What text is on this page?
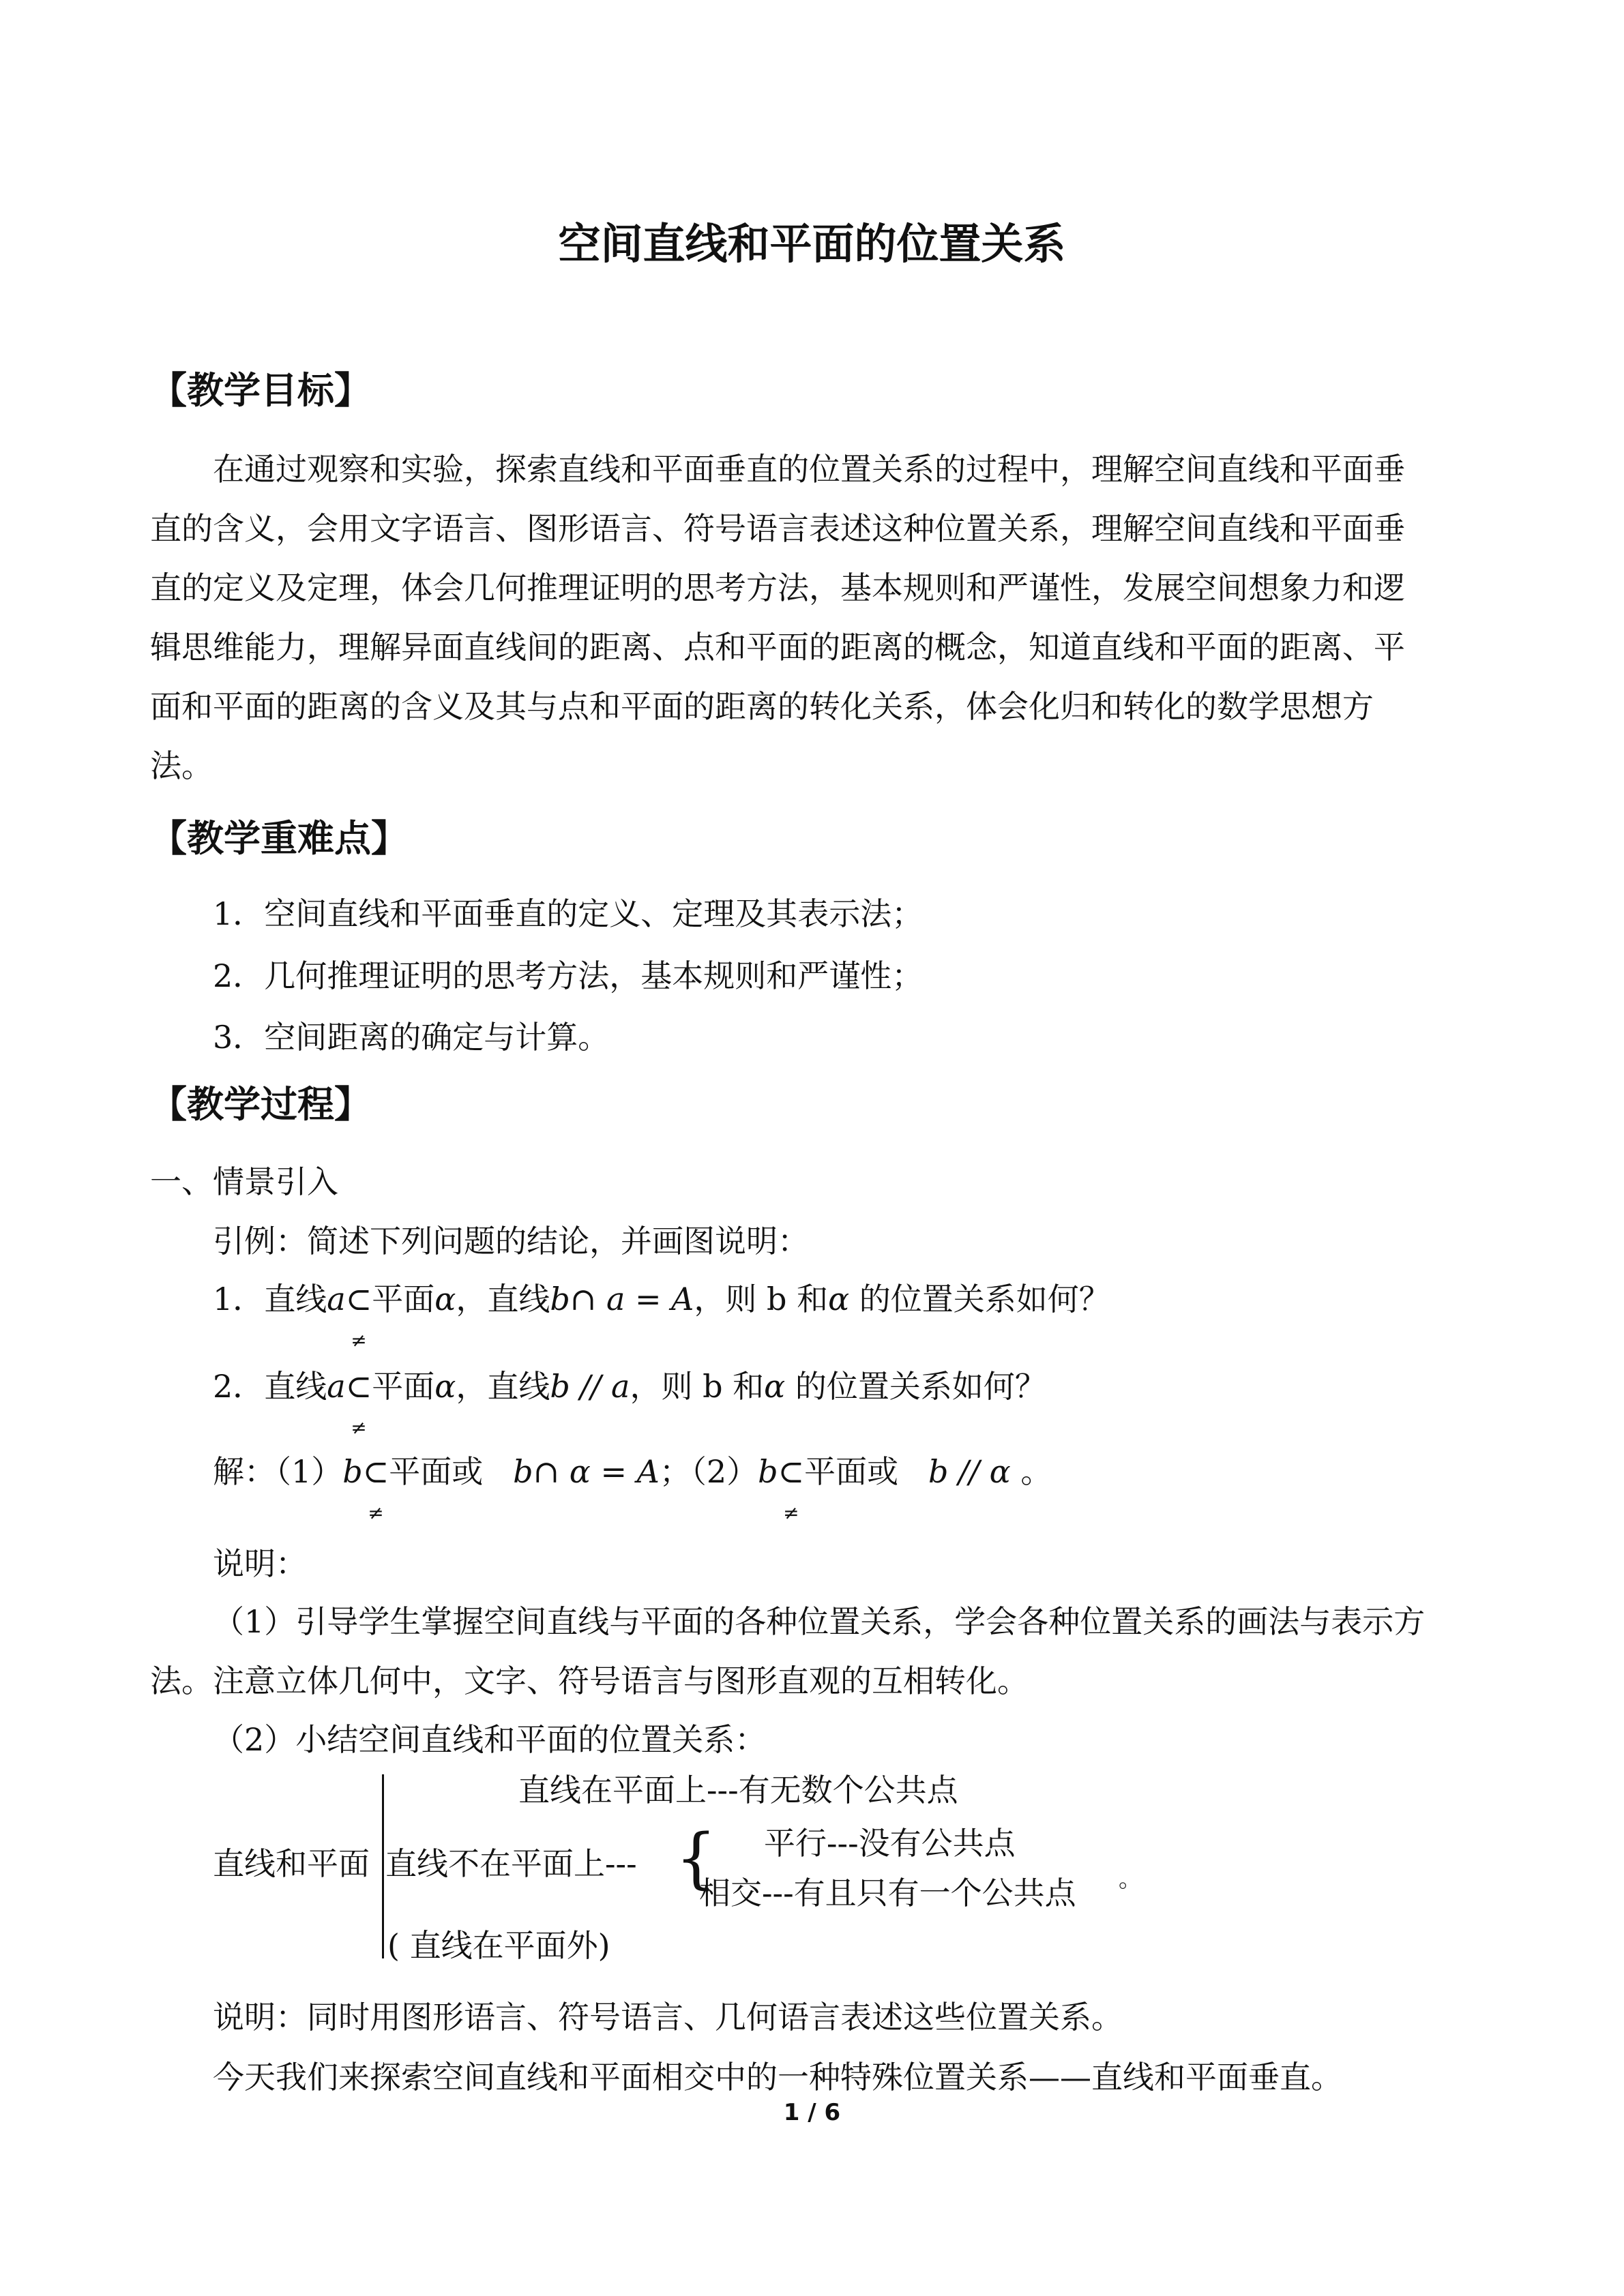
空间直线和平面的位置关系
【教学目标】
在通过观察和实验，探索直线和平面垂直的位置关系的过程中，理解空间直线和平面垂
直的含义，会用文字语言、图形语言、符号语言表述这种位置关系，理解空间直线和平面垂
直的定义及定理，体会几何推理证明的思考方法，基本规则和严谨性，发展空间想象力和逻
辑思维能力，理解异面直线间的距离、点和平面的距离的概念，知道直线和平面的距离、平
面和平面的距离的含义及其与点和平面的距离的转化关系，体会化归和转化的数学思想方
法。
【教学重难点】
1．空间直线和平面垂直的定义、定理及其表示法；
2．几何推理证明的思考方法，基本规则和严谨性；
3．空间距离的确定与计算。
【教学过程】
一、情景引入
引例：简述下列问题的结论，并画图说明：
1．直线a⊂
≠
平面α，直线b∩ a = A，则 b 和α 的位置关系如何？
2．直线a⊂
≠
平面α，直线b // a，则 b 和α 的位置关系如何？
解：（1）b⊂
≠
平面或 b∩ α = A；（2）b⊂
≠
平面或 b // α 。
说明：
（1）引导学生掌握空间直线与平面的各种位置关系，学会各种位置关系的画法与表示方
法。注意立体几何中，文字、符号语言与图形直观的互相转化。
（2）小结空间直线和平面的位置关系：
直线和平面
直线在平面上---有无数个公共点
直线不在平面上--- { 平行---没有公共点
相交---有且只有一个公共点 。
( 直线在平面外)
说明：同时用图形语言、符号语言、几何语言表述这些位置关系。
今天我们来探索空间直线和平面相交中的一种特殊位置关系——直线和平面垂直。
1 / 6
